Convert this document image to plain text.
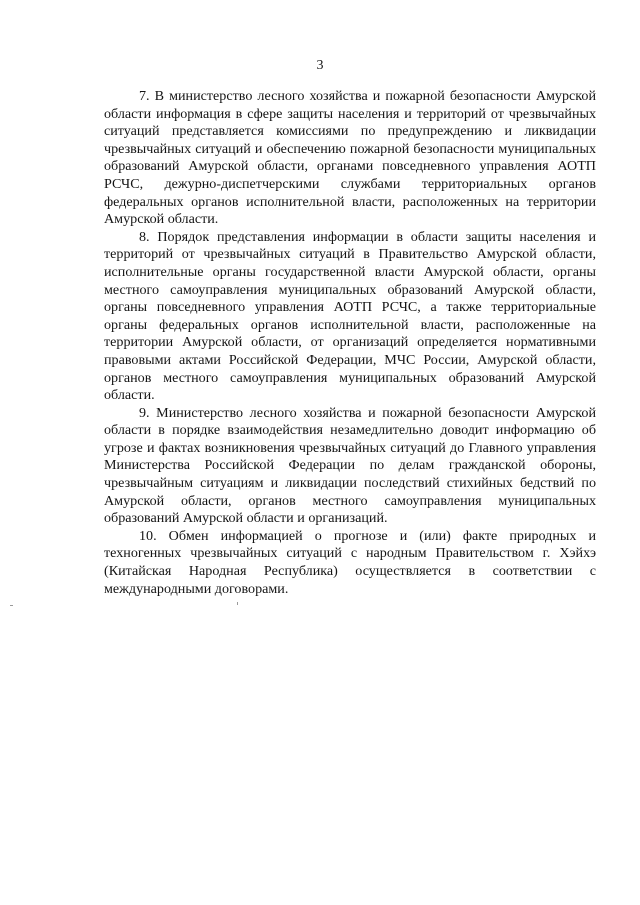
3

7. В министерство лесного хозяйства и пожарной безопасности Амурской области информация в сфере защиты населения и территорий от чрезвычайных ситуаций представляется комиссиями по предупреждению и ликвидации чрезвычайных ситуаций и обеспечению пожарной безопасности муниципальных образований Амурской области, органами повседневного управления АОТП РСЧС, дежурно-диспетчерскими службами территориальных органов федеральных органов исполнительной власти, расположенных на территории Амурской области.

8. Порядок представления информации в области защиты населения и территорий от чрезвычайных ситуаций в Правительство Амурской области, исполнительные органы государственной власти Амурской области, органы местного самоуправления муниципальных образований Амурской области, органы повседневного управления АОТП РСЧС, а также территориальные органы федеральных органов исполнительной власти, расположенные на территории Амурской области, от организаций определяется нормативными правовыми актами Российской Федерации, МЧС России, Амурской области, органов местного самоуправления муниципальных образований Амурской области.

9. Министерство лесного хозяйства и пожарной безопасности Амурской области в порядке взаимодействия незамедлительно доводит информацию об угрозе и фактах возникновения чрезвычайных ситуаций до Главного управления Министерства Российской Федерации по делам гражданской обороны, чрезвычайным ситуациям и ликвидации последствий стихийных бедствий по Амурской области, органов местного самоуправления муниципальных образований Амурской области и организаций.

10. Обмен информацией о прогнозе и (или) факте природных и техногенных чрезвычайных ситуаций с народным Правительством г. Хэйхэ (Китайская Народная Республика) осуществляется в соответствии с международными договорами.
